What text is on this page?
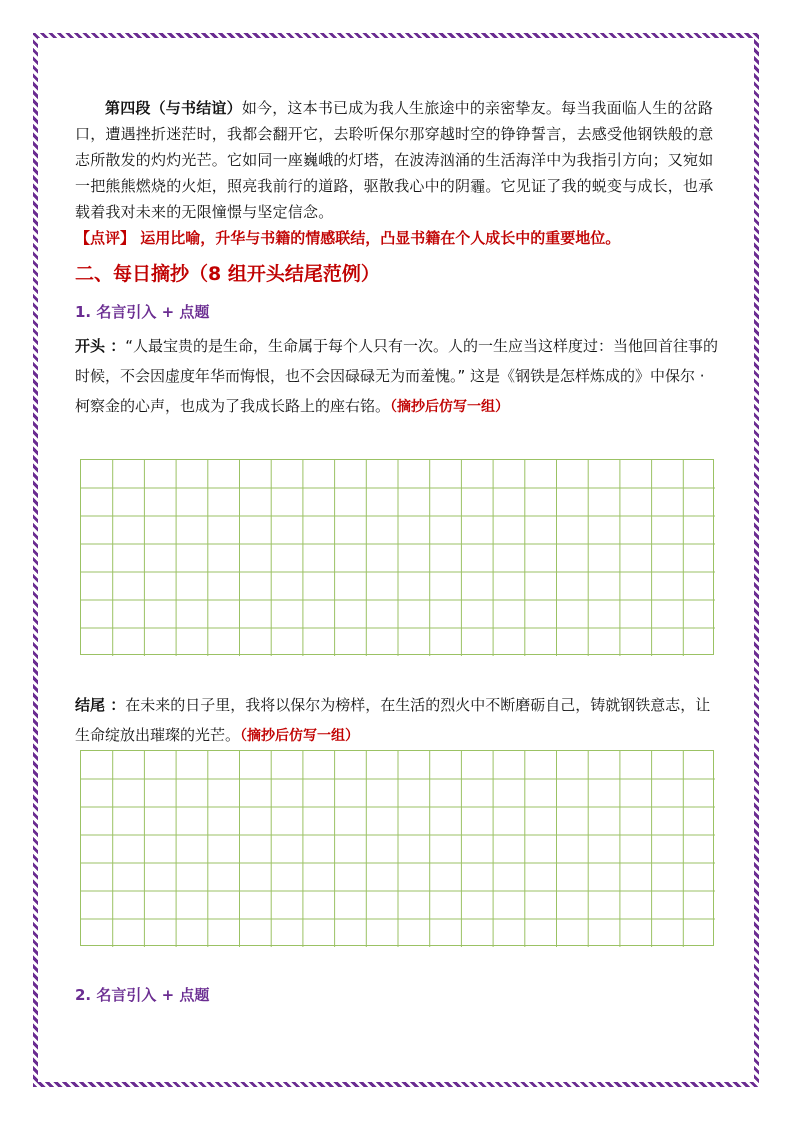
第四段（与书结谊）如今，这本书已成为我人生旅途中的亲密挚友。每当我面临人生的岔路口，遭遇挫折迷茫时，我都会翻开它，去聆听保尔那穿越时空的铮铮誓言，去感受他钢铁般的意志所散发的灼灼光芒。它如同一座巍峨的灯塔，在波涛汹涌的生活海洋中为我指引方向；又宛如一把熊熊燃烧的火炬，照亮我前行的道路，驱散我心中的阴霾。它见证了我的蜕变与成长，也承载着我对未来的无限憧憬与坚定信念。

【点评】 运用比喻，升华与书籍的情感联结，凸显书籍在个人成长中的重要地位。

二、每日摘抄（8 组开头结尾范例）
1. 名言引入 + 点题

开头 ：“人最宝贵的是生命，生命属于每个人只有一次。人的一生应当这样度过：当他回首往事的时候，不会因虚度年华而悔恨，也不会因碌碌无为而羞愧。” 这是《钢铁是怎样炼成的》中保尔 · 柯察金的心声，也成为了我成长路上的座右铭。（摘抄后仿写一组）

结尾 ：在未来的日子里，我将以保尔为榜样，在生活的烈火中不断磨砺自己，铸就钢铁意志，让生命绽放出璀璨的光芒。（摘抄后仿写一组）

2. 名言引入 + 点题
